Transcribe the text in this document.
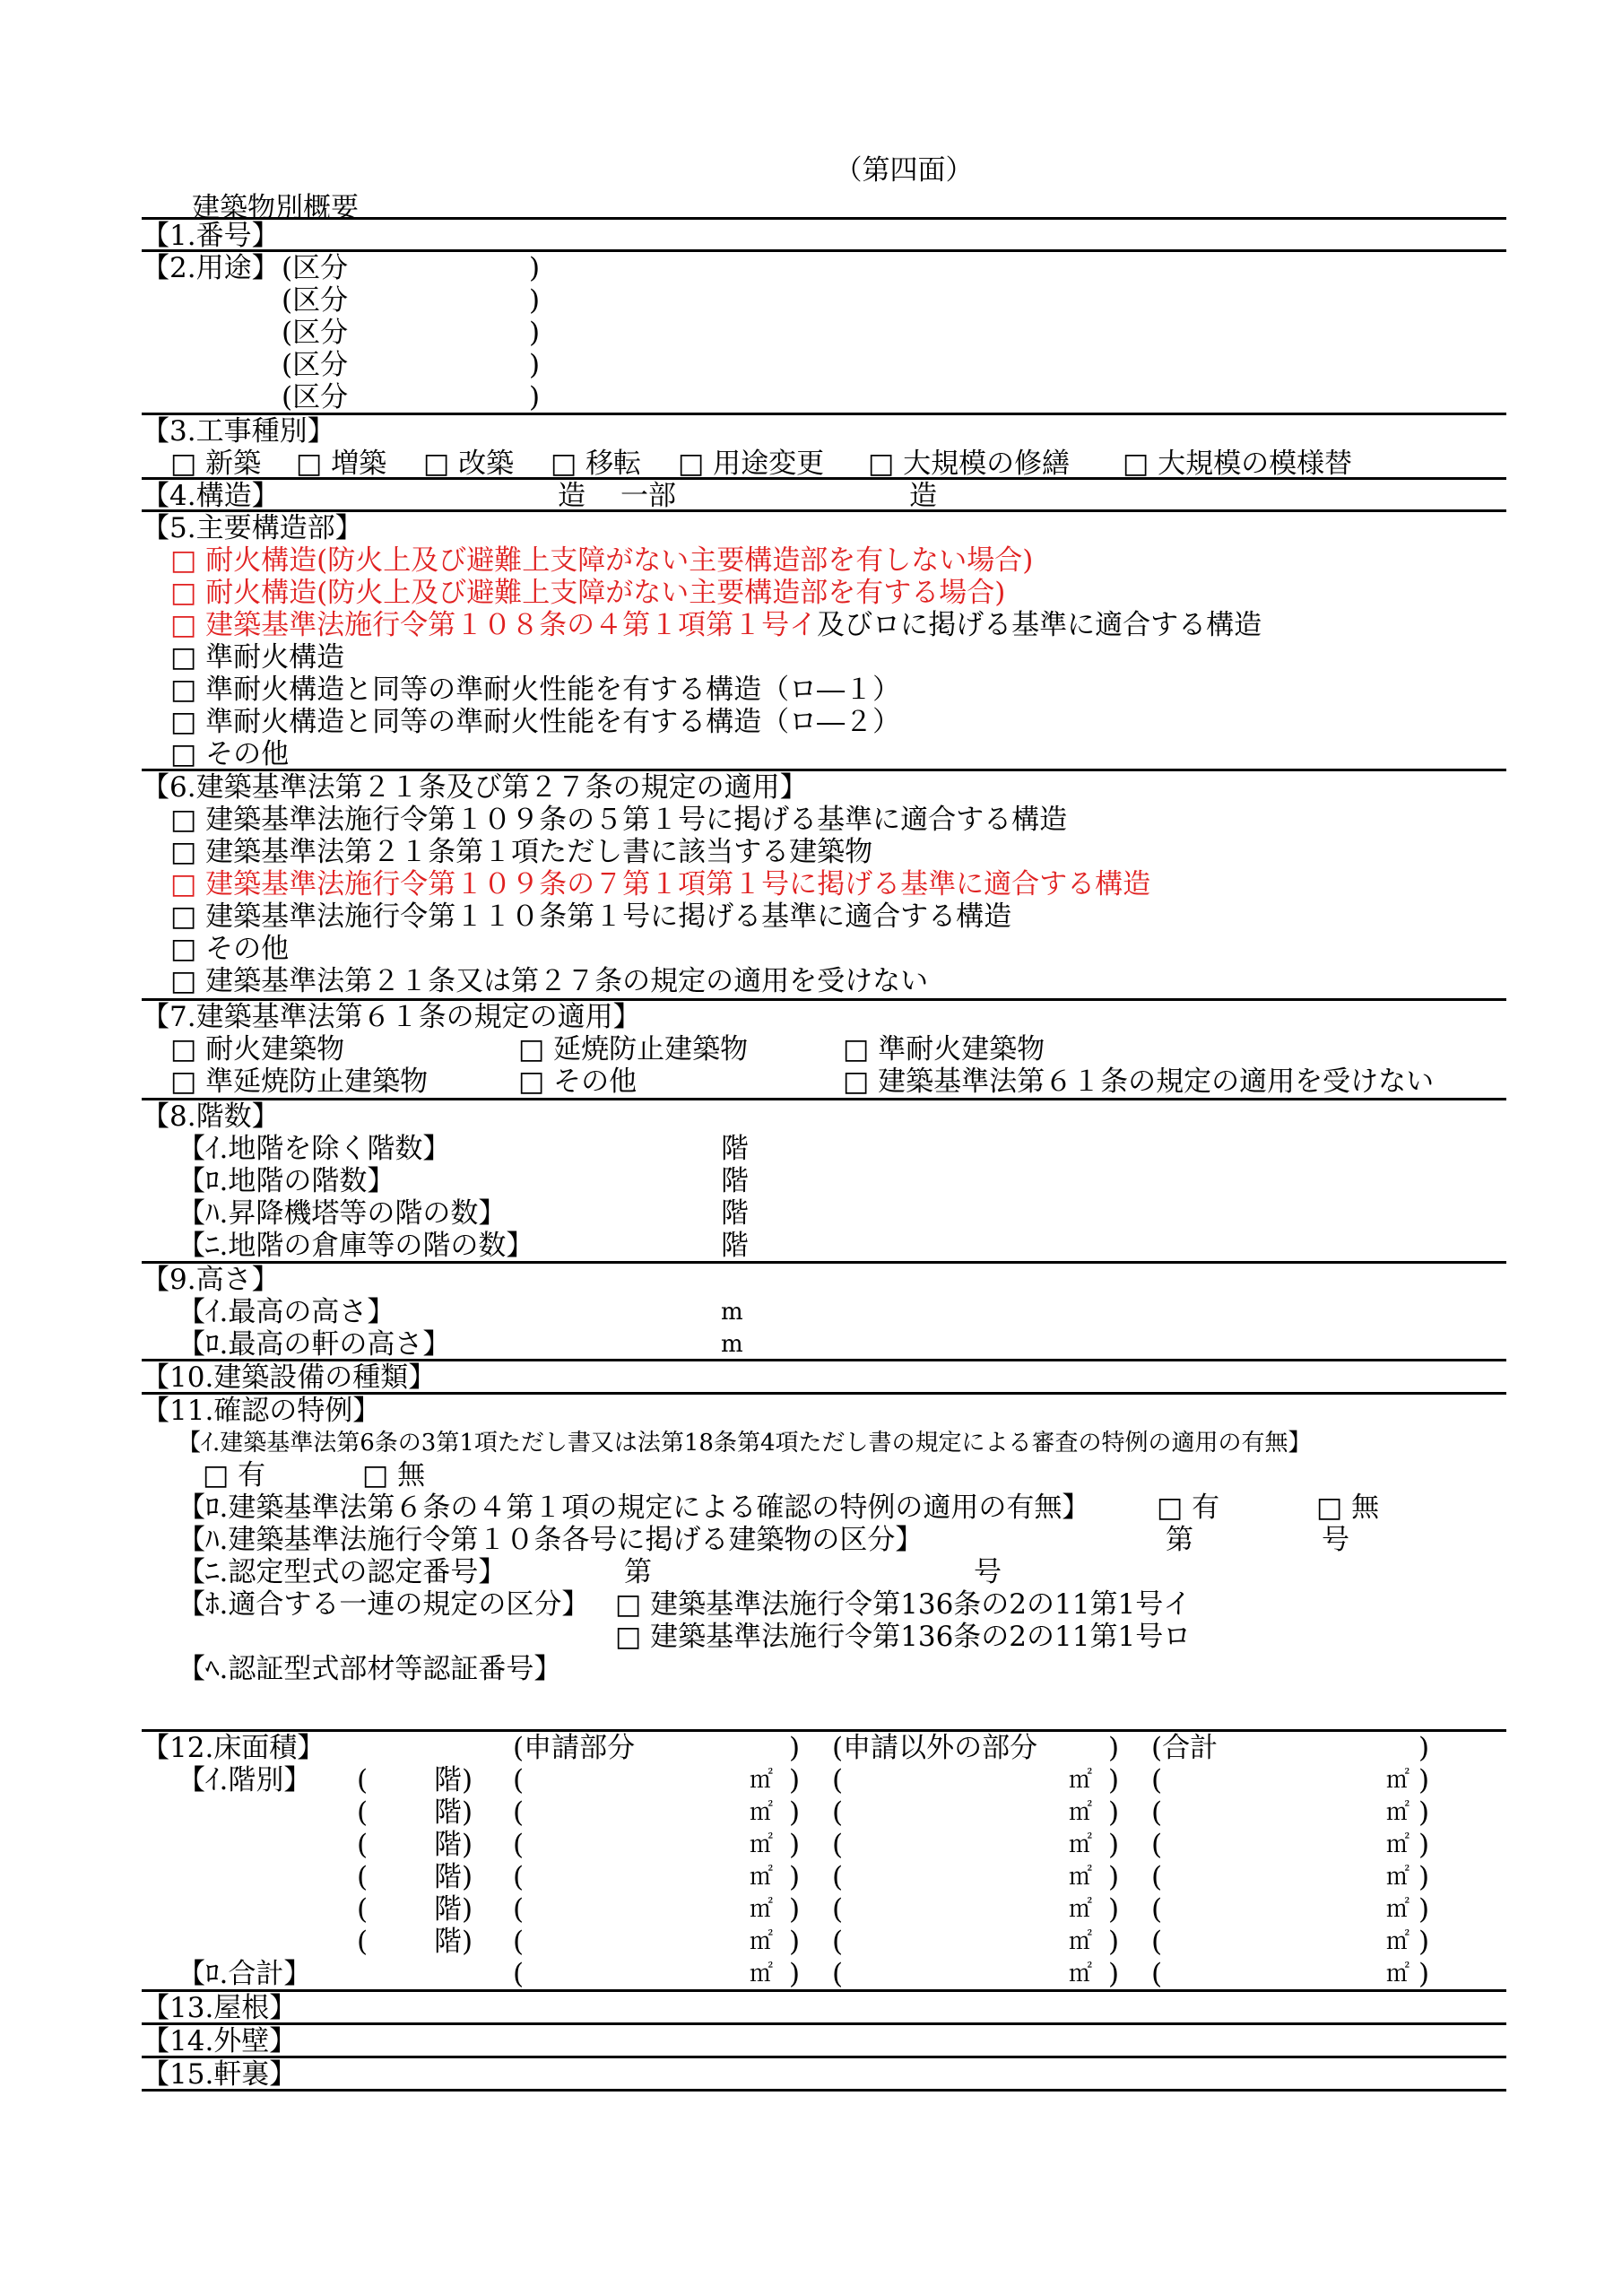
（第四面）
建築物別概要
【1.番号】
【2.用途】 (区分	)
(区分	)
(区分	)
(区分	)
(区分	)
【3.工事種別】
□ 新築 □ 増築 □ 改築 □ 移転 □ 用途変更 □ 大規模の修繕 □ 大規模の模様替
【4.構造】	造 一部	造
【5.主要構造部】
□ 耐火構造(防火上及び避難上支障がない主要構造部を有しない場合)
□ 耐火構造(防火上及び避難上支障がない主要構造部を有する場合)
□ 建築基準法施行令第１０８条の４第１項第１号イ及びロに掲げる基準に適合する構造
□ 準耐火構造
□ 準耐火構造と同等の準耐火性能を有する構造（ロ―１）
□ 準耐火構造と同等の準耐火性能を有する構造（ロ―２）
□ その他
【6.建築基準法第２１条及び第２７条の規定の適用】
□ 建築基準法施行令第１０９条の５第１号に掲げる基準に適合する構造
□ 建築基準法第２１条第１項ただし書に該当する建築物
□ 建築基準法施行令第１０９条の７第１項第１号に掲げる基準に適合する構造
□ 建築基準法施行令第１１０条第１号に掲げる基準に適合する構造
□ その他
□ 建築基準法第２１条又は第２７条の規定の適用を受けない
【7.建築基準法第６１条の規定の適用】
□ 耐火建築物	□ 延焼防止建築物	□ 準耐火建築物
□ 準延焼防止建築物	□ その他	□ 建築基準法第６１条の規定の適用を受けない
【8.階数】
【ｲ.地階を除く階数】	階
【ﾛ.地階の階数】	階
【ﾊ.昇降機塔等の階の数】	階
【ﾆ.地階の倉庫等の階の数】	階
【9.高さ】
【ｲ.最高の高さ】	m
【ﾛ.最高の軒の高さ】	m
【10.建築設備の種類】
【11.確認の特例】
【ｲ.建築基準法第6条の3第1項ただし書又は法第18条第4項ただし書の規定による審査の特例の適用の有無】
□ 有	□ 無
【ﾛ.建築基準法第６条の４第１項の規定による確認の特例の適用の有無】 □ 有	□ 無
【ﾊ.建築基準法施行令第１０条各号に掲げる建築物の区分】	第	号
【ﾆ.認定型式の認定番号】	第	号
【ﾎ.適合する一連の規定の区分】 □ 建築基準法施行令第136条の2の11第1号イ
□ 建築基準法施行令第136条の2の11第1号ロ
【ﾍ.認証型式部材等認証番号】
【12.床面積】	(申請部分	) (申請以外の部分	) (合計	)
【ｲ.階別】 ( 階) (	㎡ ) (	㎡ ) (	㎡ )
( 階) (	㎡ ) (	㎡ ) (	㎡ )
( 階) (	㎡ ) (	㎡ ) (	㎡ )
( 階) (	㎡ ) (	㎡ ) (	㎡ )
( 階) (	㎡ ) (	㎡ ) (	㎡ )
( 階) (	㎡ ) (	㎡ ) (	㎡ )
【ﾛ.合計】	(	㎡ ) (	㎡ ) (	㎡ )
【13.屋根】
【14.外壁】
【15.軒裏】
